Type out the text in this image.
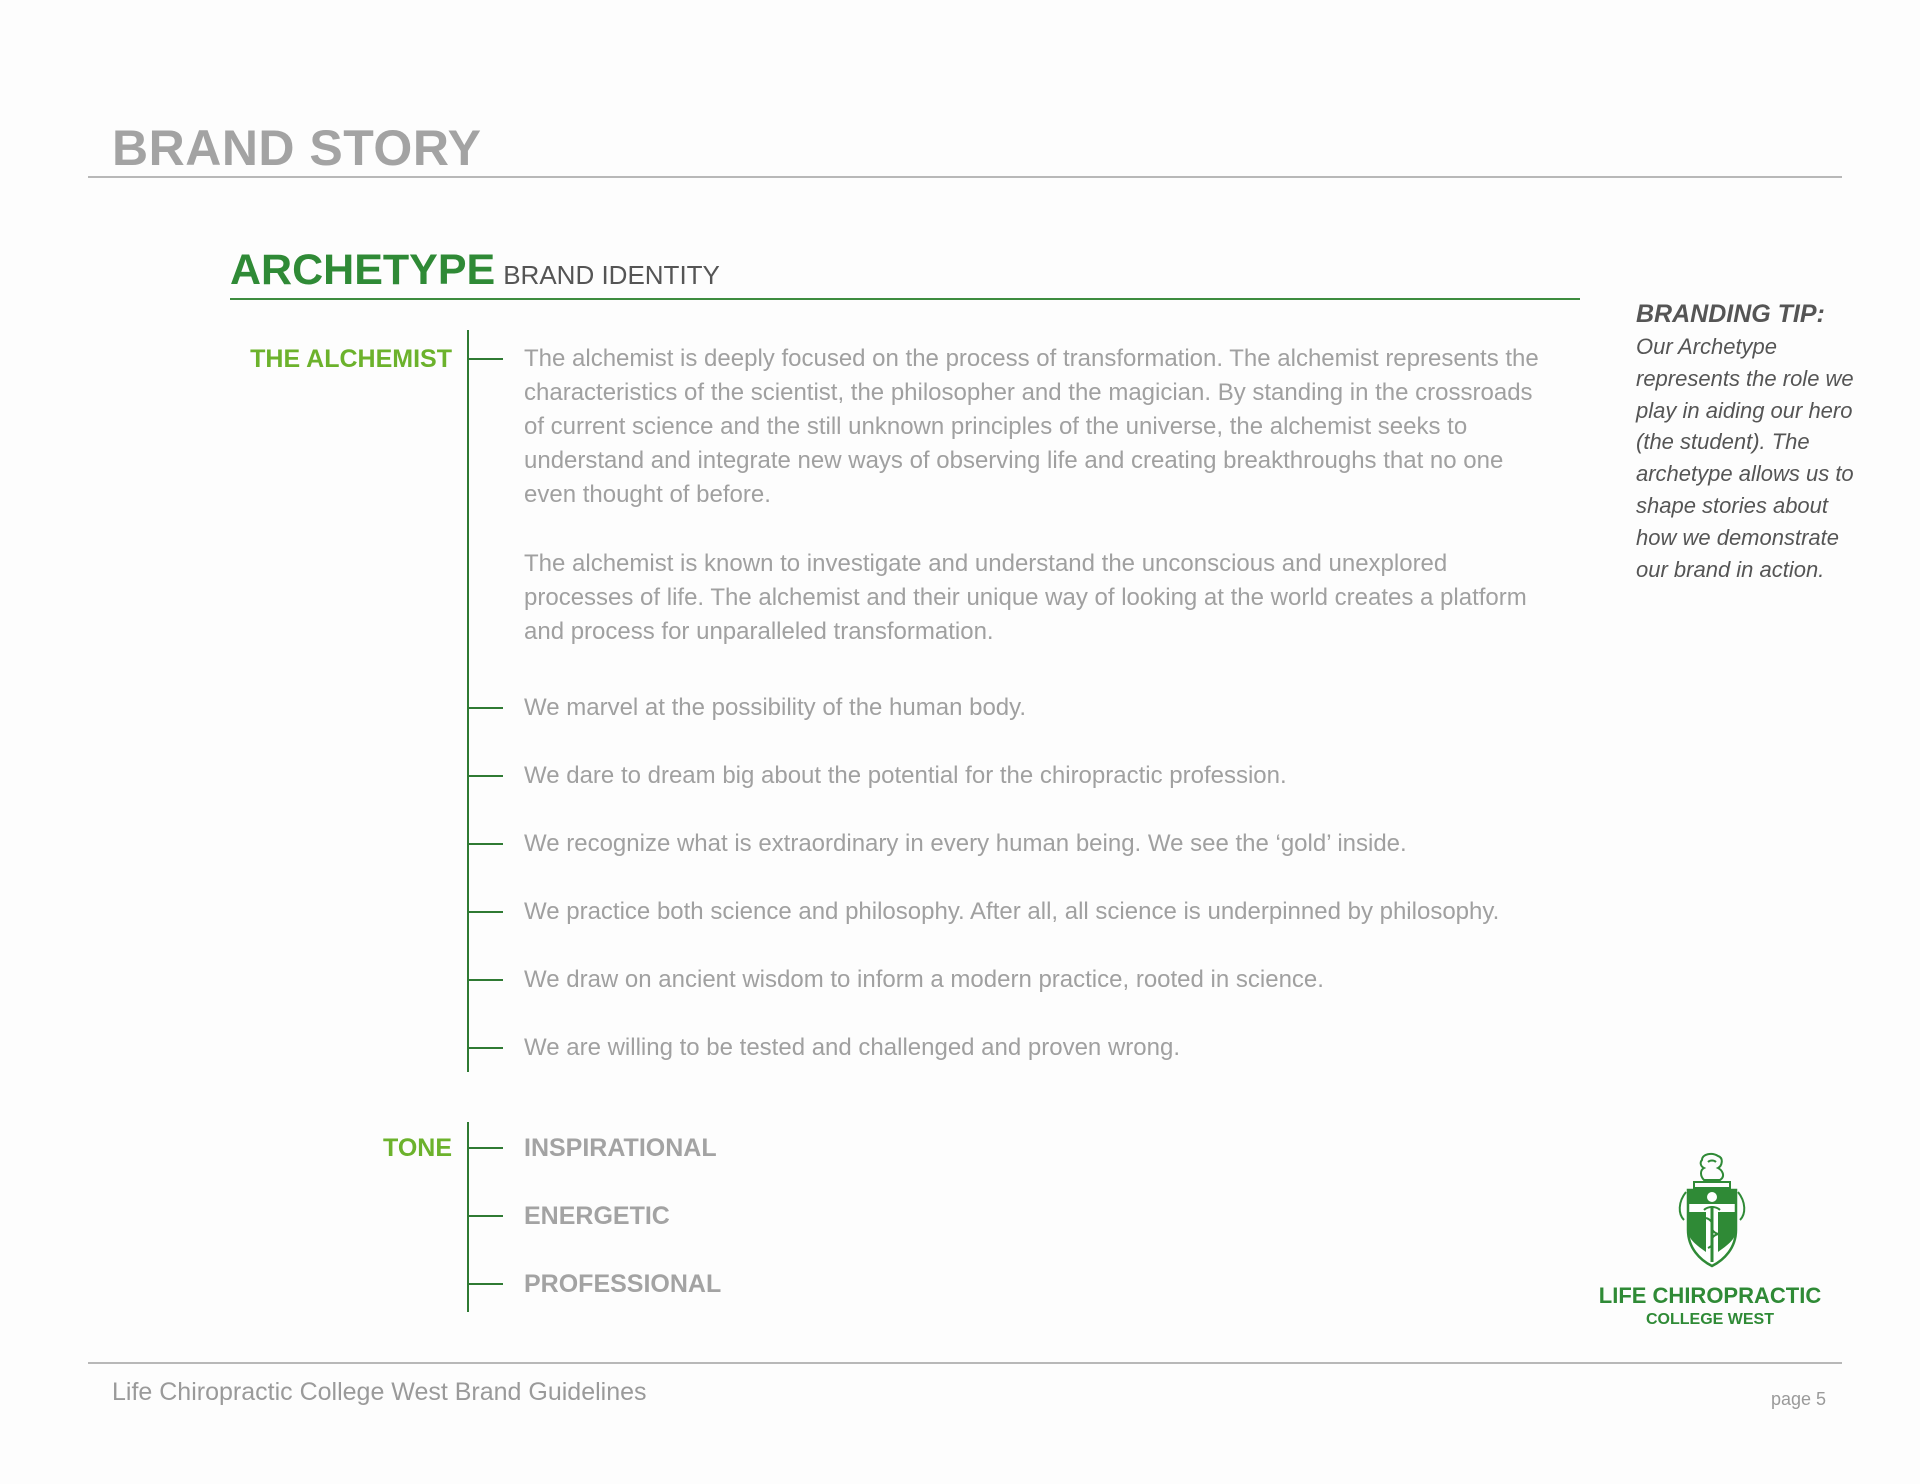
BRAND STORY
ARCHETYPE BRAND IDENTITY
THE ALCHEMIST	The alchemist is deeply focused on the process of transformation. The alchemist represents the characteristics of the scientist, the philosopher and the magician. By standing in the crossroads of current science and the still unknown principles of the universe, the alchemist seeks to understand and integrate new ways of observing life and creating breakthroughs that no one even thought of before.
The alchemist is known to investigate and understand the unconscious and unexplored processes of life. The alchemist and their unique way of looking at the world creates a platform and process for unparalleled transformation.
We marvel at the possibility of the human body.
We dare to dream big about the potential for the chiropractic profession.
We recognize what is extraordinary in every human being. We see the ‘gold’ inside.
We practice both science and philosophy. After all, all science is underpinned by philosophy.
We draw on ancient wisdom to inform a modern practice, rooted in science.
We are willing to be tested and challenged and proven wrong.
TONE	INSPIRATIONAL
ENERGETIC
PROFESSIONAL
BRANDING TIP:
Our Archetype represents the role we play in aiding our hero (the student). The archetype allows us to shape stories about how we demonstrate our brand in action.
LIFE CHIROPRACTIC
COLLEGE WEST
Life Chiropractic College West Brand Guidelines	page 5
